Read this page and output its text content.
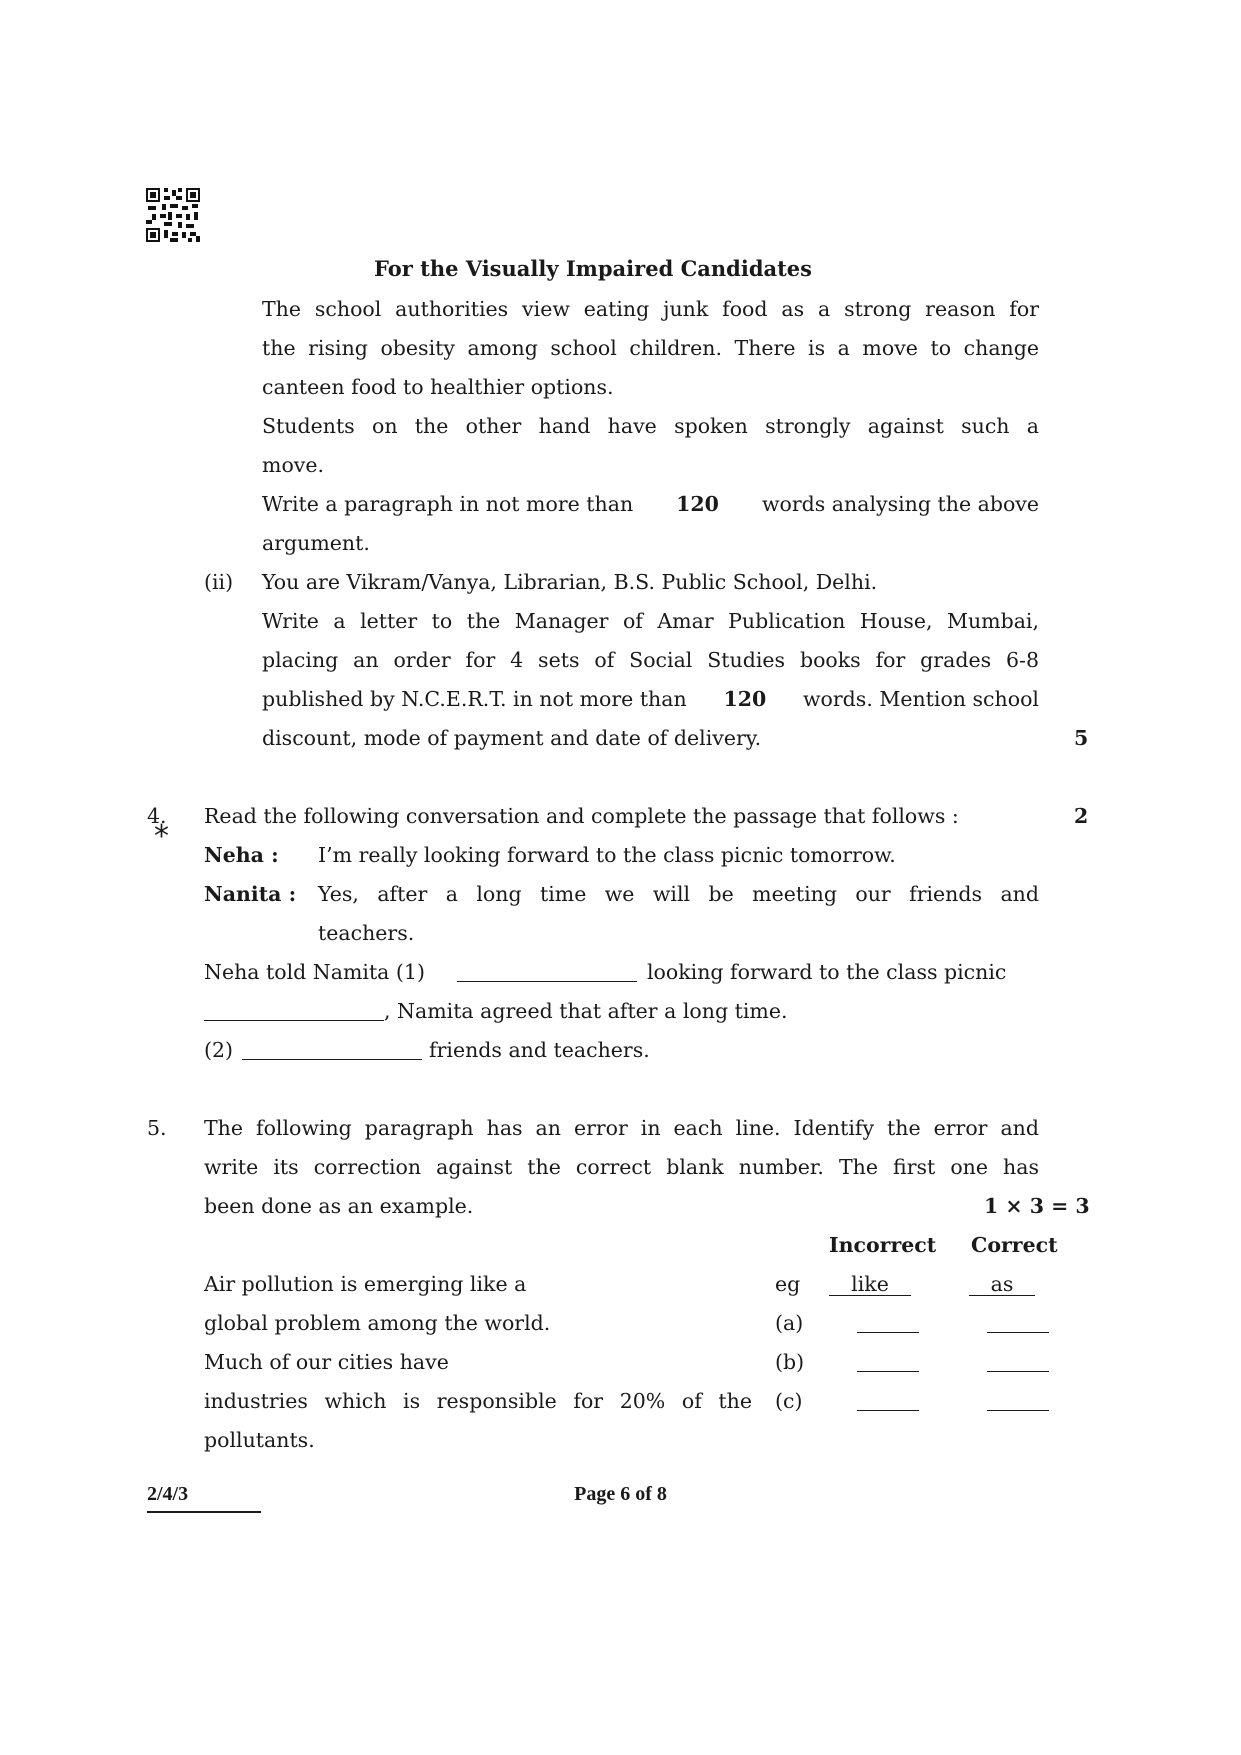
For the Visually Impaired Candidates
The school authorities view eating junk food as a strong reason for
the rising obesity among school children. There is a move to change
canteen food to healthier options.
Students on the other hand have spoken strongly against such a
move.
Write a paragraph in not more than 120 words analysing the above
argument.
(ii) You are Vikram/Vanya, Librarian, B.S. Public School, Delhi.
Write a letter to the Manager of Amar Publication House, Mumbai,
placing an order for 4 sets of Social Studies books for grades 6-8
published by N.C.E.R.T. in not more than 120 words. Mention school
discount, mode of payment and date of delivery.	5
4.
*
Read the following conversation and complete the passage that follows :	2
Neha : I’m really looking forward to the class picnic tomorrow.
Nanita : Yes, after a long time we will be meeting our friends and
teachers.
Neha told Namita (1)	looking forward to the class picnic
, Namita agreed that after a long time.
(2)	friends and teachers.
5. The following paragraph has an error in each line. Identify the error and
write its correction against the correct blank number. The first one has
been done as an example.	1 × 3 = 3
Incorrect Correct
Air pollution is emerging like a	eg	like	as
global problem among the world.	(a)
Much of our cities have	(b)
industries which is responsible for 20% of the (c)
pollutants.
2/4/3	Page 6 of 8
